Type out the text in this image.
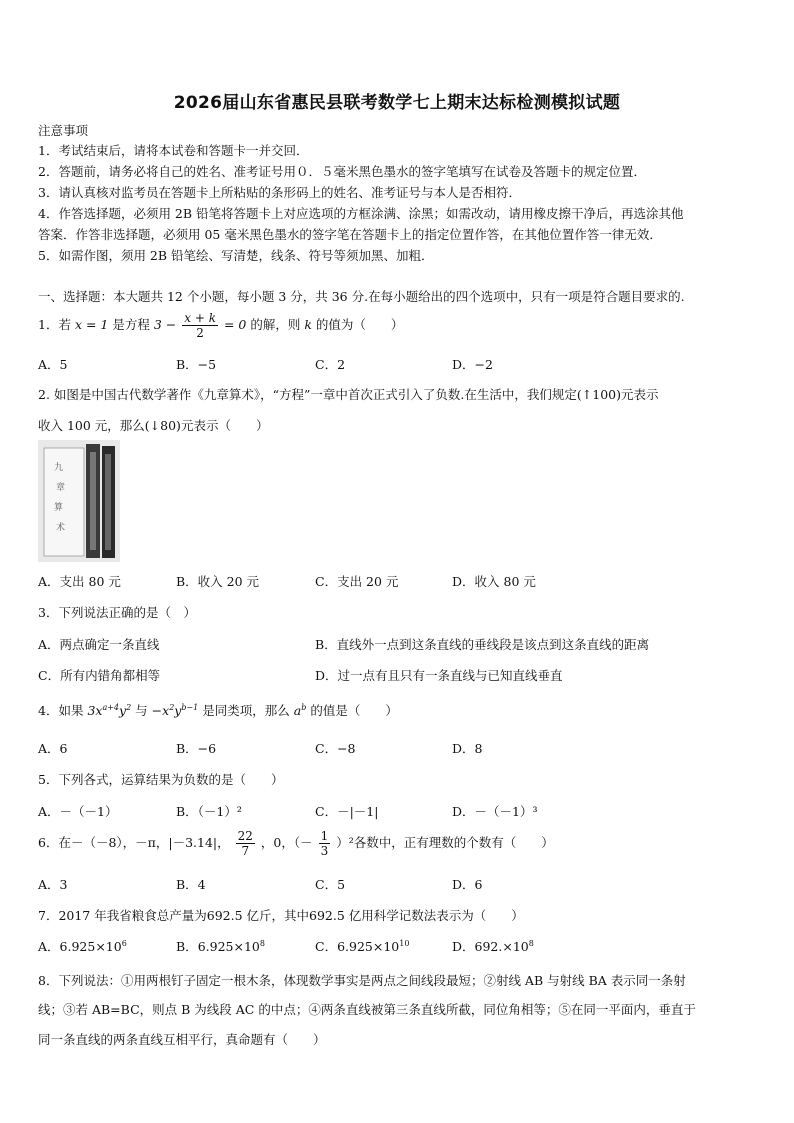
2026届山东省惠民县联考数学七上期末达标检测模拟试题
注意事项
1．考试结束后，请将本试卷和答题卡一并交回．
2．答题前，请务必将自己的姓名、准考证号用０．５毫米黑色墨水的签字笔填写在试卷及答题卡的规定位置．
3．请认真核对监考员在答题卡上所粘贴的条形码上的姓名、准考证号与本人是否相符．
4．作答选择题，必须用 2B 铅笔将答题卡上对应选项的方框涂满、涂黑；如需改动，请用橡皮擦干净后，再选涂其他
答案．作答非选择题，必须用 05 毫米黑色墨水的签字笔在答题卡上的指定位置作答，在其他位置作答一律无效．
5．如需作图，须用 2B 铅笔绘、写清楚，线条、符号等须加黑、加粗．
一、选择题：本大题共 12 个小题，每小题 3 分，共 36 分.在每小题给出的四个选项中，只有一项是符合题目要求的.
1．若 x = 1 是方程 $3 - \frac{x + k}{2} = 0$ 的解，则 k 的值为（　　）
A．5	B．−5	C．2	D．−2
2. 如图是中国古代数学著作《九章算术》，“方程”一章中首次正式引入了负数.在生活中，我们规定(↑100)元表示
收入 100 元，那么(↓80)元表示（　　）
九
章
算
术
A．支出 80 元	B．收入 20 元	C．支出 20 元	D．收入 80 元
3．下列说法正确的是（　）
A．两点确定一条直线	B．直线外一点到这条直线的垂线段是该点到这条直线的距离
C．所有内错角都相等	D．过一点有且只有一条直线与已知直线垂直
4．如果 $3x^{a+4}y^2$ 与 $-x^2y^{b-1}$ 是同类项，那么 $a^b$ 的值是（　　）
A．6	B．−6	C．−8	D．8
5．下列各式，运算结果为负数的是（　　）
A．－（－1）	B．（－1）²	C．－|－1|	D．－（－1）³
6．在－（－8），－π，|－3.14|， $\frac{22}{7}$ ，0，（－ $\frac{1}{3} )^2$各数中，正有理数的个数有（　　）
A．3	B．4	C．5	D．6
7．2017 年我省粮食总产量为692.5 亿斤，其中692.5 亿用科学记数法表示为（　　）
A．$6.925\times 10^6$	B．$6.925\times 10^8$	C．$6.925\times 10^{10}$	D．$692.\times 10^8$
8．下列说法：①用两根钉子固定一根木条，体现数学事实是两点之间线段最短；②射线 AB 与射线 BA 表示同一条射
线；③若 AB=BC，则点 B 为线段 AC 的中点；④两条直线被第三条直线所截，同位角相等；⑤在同一平面内，垂直于
同一条直线的两条直线互相平行，真命题有（　　）
